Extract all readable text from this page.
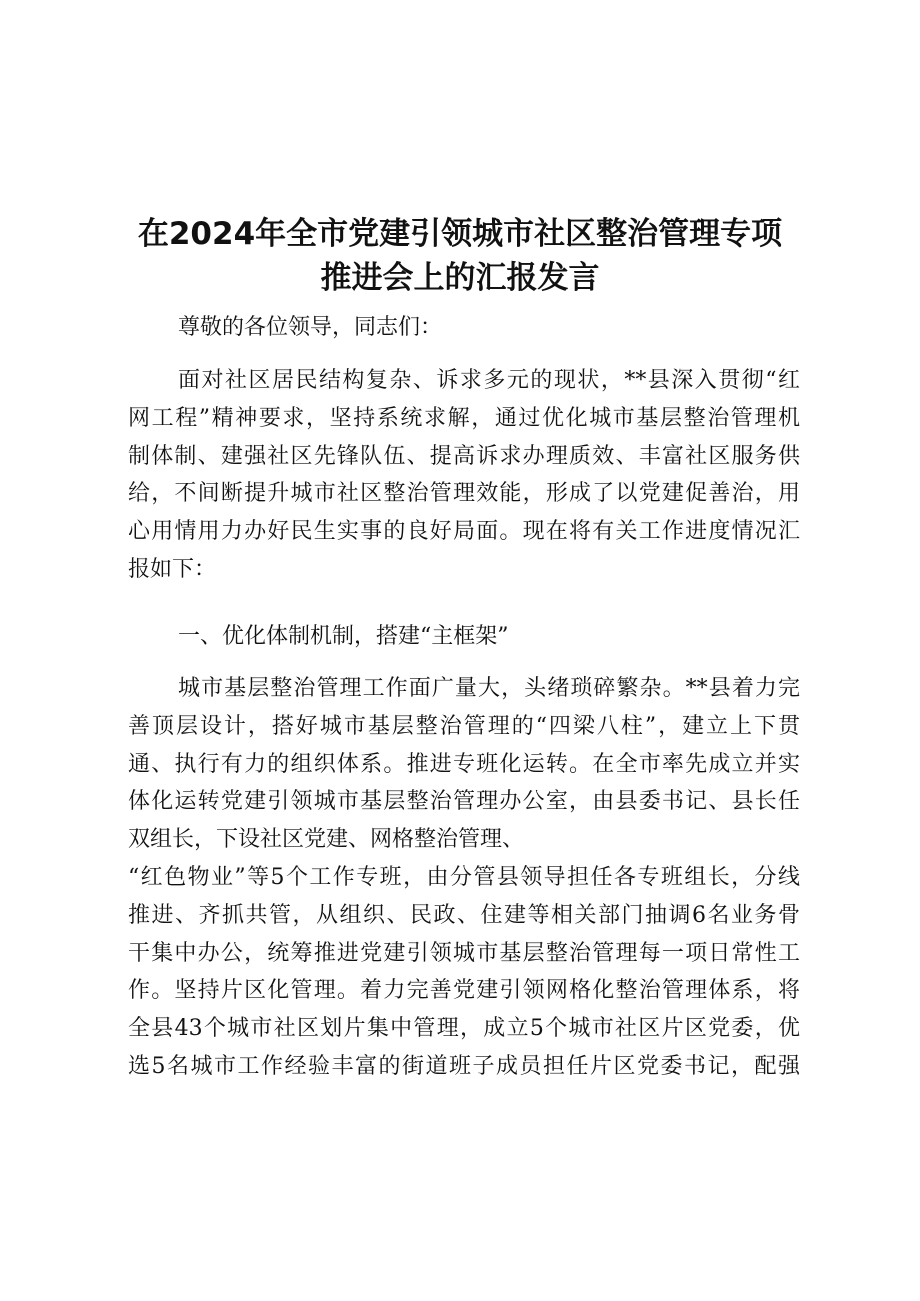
在2024年全市党建引领城市社区整治管理专项
推进会上的汇报发言
尊敬的各位领导，同志们：
面对社区居民结构复杂、诉求多元的现状，**县深入贯彻“红
网工程”精神要求，坚持系统求解，通过优化城市基层整治管理机
制体制、建强社区先锋队伍、提高诉求办理质效、丰富社区服务供
给，不间断提升城市社区整治管理效能，形成了以党建促善治，用
心用情用力办好民生实事的良好局面。现在将有关工作进度情况汇
报如下：
一、优化体制机制，搭建“主框架”
城市基层整治管理工作面广量大，头绪琐碎繁杂。**县着力完
善顶层设计，搭好城市基层整治管理的“四梁八柱”，建立上下贯
通、执行有力的组织体系。推进专班化运转。在全市率先成立并实
体化运转党建引领城市基层整治管理办公室，由县委书记、县长任
双组长，下设社区党建、网格整治管理、
“红色物业”等5个工作专班，由分管县领导担任各专班组长，分线
推进、齐抓共管，从组织、民政、住建等相关部门抽调6名业务骨
干集中办公，统筹推进党建引领城市基层整治管理每一项日常性工
作。坚持片区化管理。着力完善党建引领网格化整治管理体系，将
全县43个城市社区划片集中管理，成立5个城市社区片区党委，优
选5名城市工作经验丰富的街道班子成员担任片区党委书记，配强
